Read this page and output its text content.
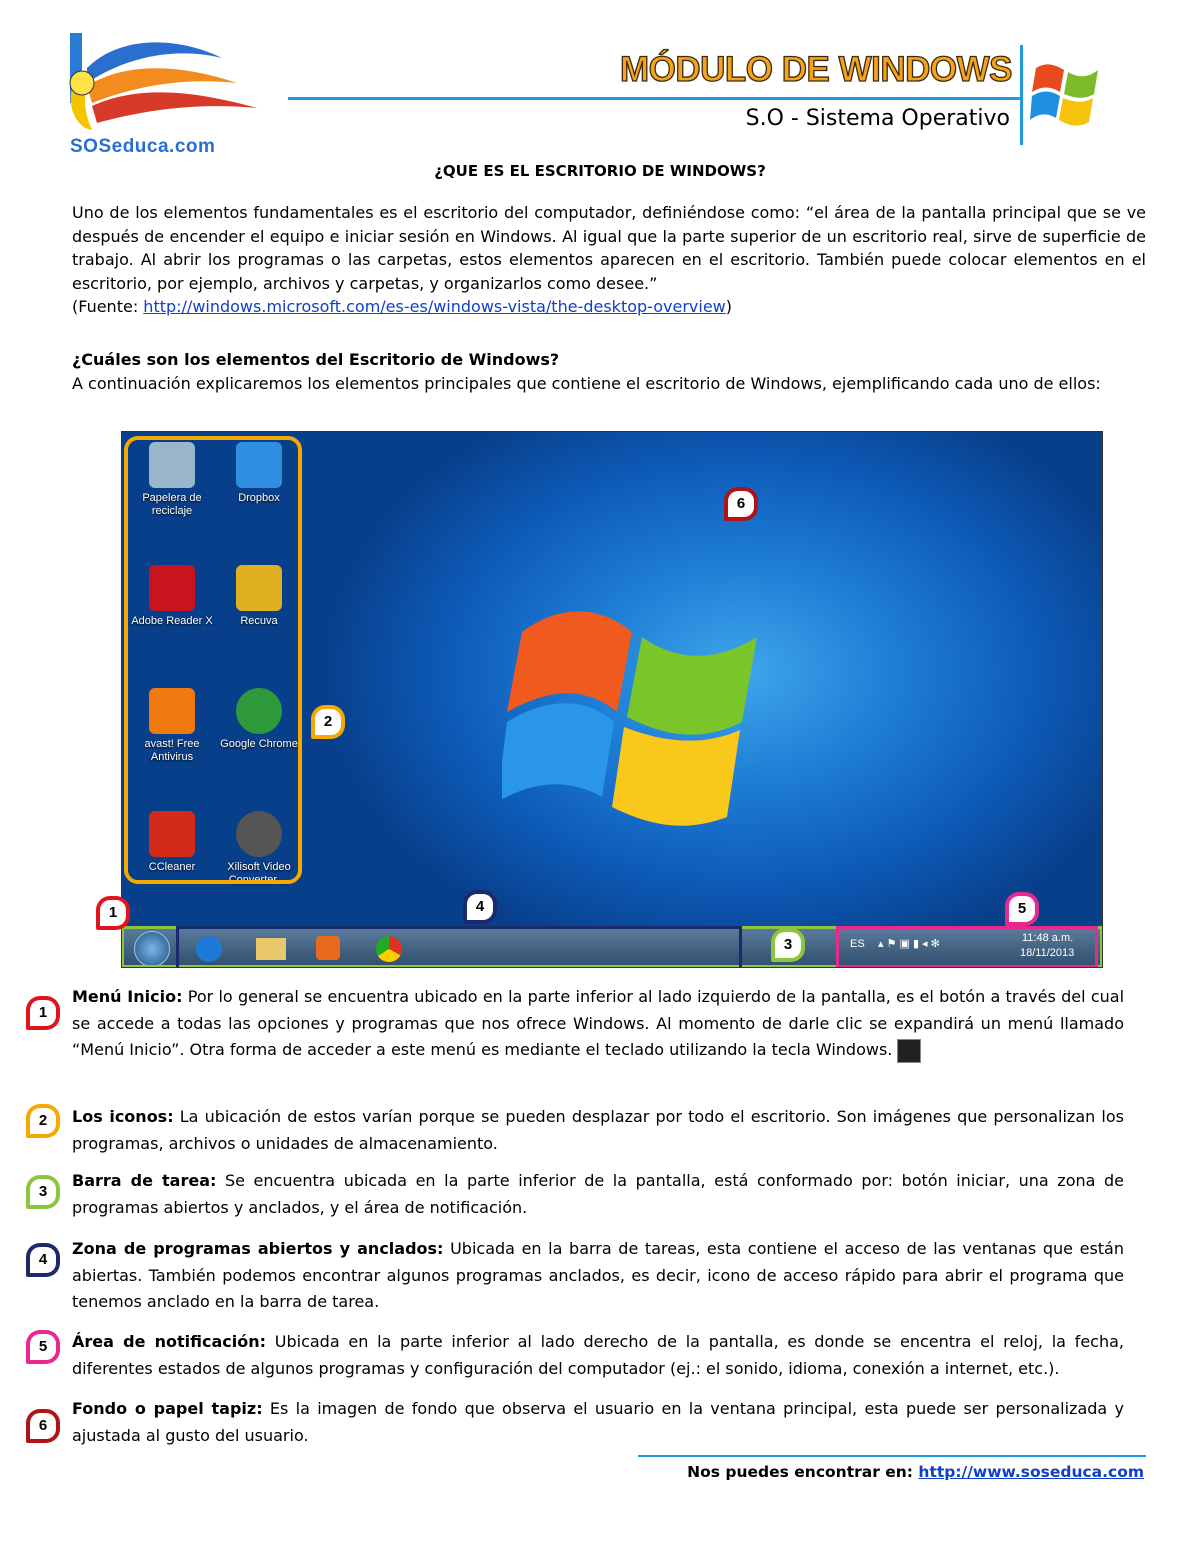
SOSeduca.com
MÓDULO DE WINDOWS
S.O - Sistema Operativo
¿QUE ES EL ESCRITORIO DE WINDOWS?

Uno de los elementos fundamentales es el escritorio del computador, definiéndose como: “el área de la pantalla principal que se ve después de encender el equipo e iniciar sesión en Windows. Al igual que la parte superior de un escritorio real, sirve de superficie de trabajo. Al abrir los programas o las carpetas, estos elementos aparecen en el escritorio. También puede colocar elementos en el escritorio, por ejemplo, archivos y carpetas, y organizarlos como desee.”

(Fuente: http://windows.microsoft.com/es-es/windows-vista/the-desktop-overview)

¿Cuáles son los elementos del Escritorio de Windows?

A continuación explicaremos los elementos principales que contiene el escritorio de Windows, ejemplificando cada uno de ellos:

Papelera de reciclaje
Dropbox
Adobe Reader X	Recuva
avast! Free Antivirus
Google Chrome
CCleaner	Xilisoft Video Converter ...
ES ▴ ⚑ ▣ ▮ ◂ ✻	11:48 a.m.
18/11/2013
1
2
3
4	5
6
1
Menú Inicio: Por lo general se encuentra ubicado en la parte inferior al lado izquierdo de la pantalla, es el botón a través del cual se accede a todas las opciones y programas que nos ofrece Windows. Al momento de darle clic se expandirá un menú llamado “Menú Inicio”. Otra forma de acceder a este menú es mediante el teclado utilizando la tecla Windows.
2	Los iconos: La ubicación de estos varían porque se pueden desplazar por todo el escritorio. Son imágenes que personalizan los programas, archivos o unidades de almacenamiento.
3
Barra de tarea: Se encuentra ubicada en la parte inferior de la pantalla, está conformado por: botón iniciar, una zona de programas abiertos y anclados, y el área de notificación.
4
Zona de programas abiertos y anclados: Ubicada en la barra de tareas, esta contiene el acceso de las ventanas que están abiertas. También podemos encontrar algunos programas anclados, es decir, icono de acceso rápido para abrir el programa que tenemos anclado en la barra de tarea.
5	Área de notificación: Ubicada en la parte inferior al lado derecho de la pantalla, es donde se encentra el reloj, la fecha, diferentes estados de algunos programas y configuración del computador (ej.: el sonido, idioma, conexión a internet, etc.).
6
Fondo o papel tapiz: Es la imagen de fondo que observa el usuario en la ventana principal, esta puede ser personalizada y ajustada al gusto del usuario.
Nos puedes encontrar en: http://www.soseduca.com
